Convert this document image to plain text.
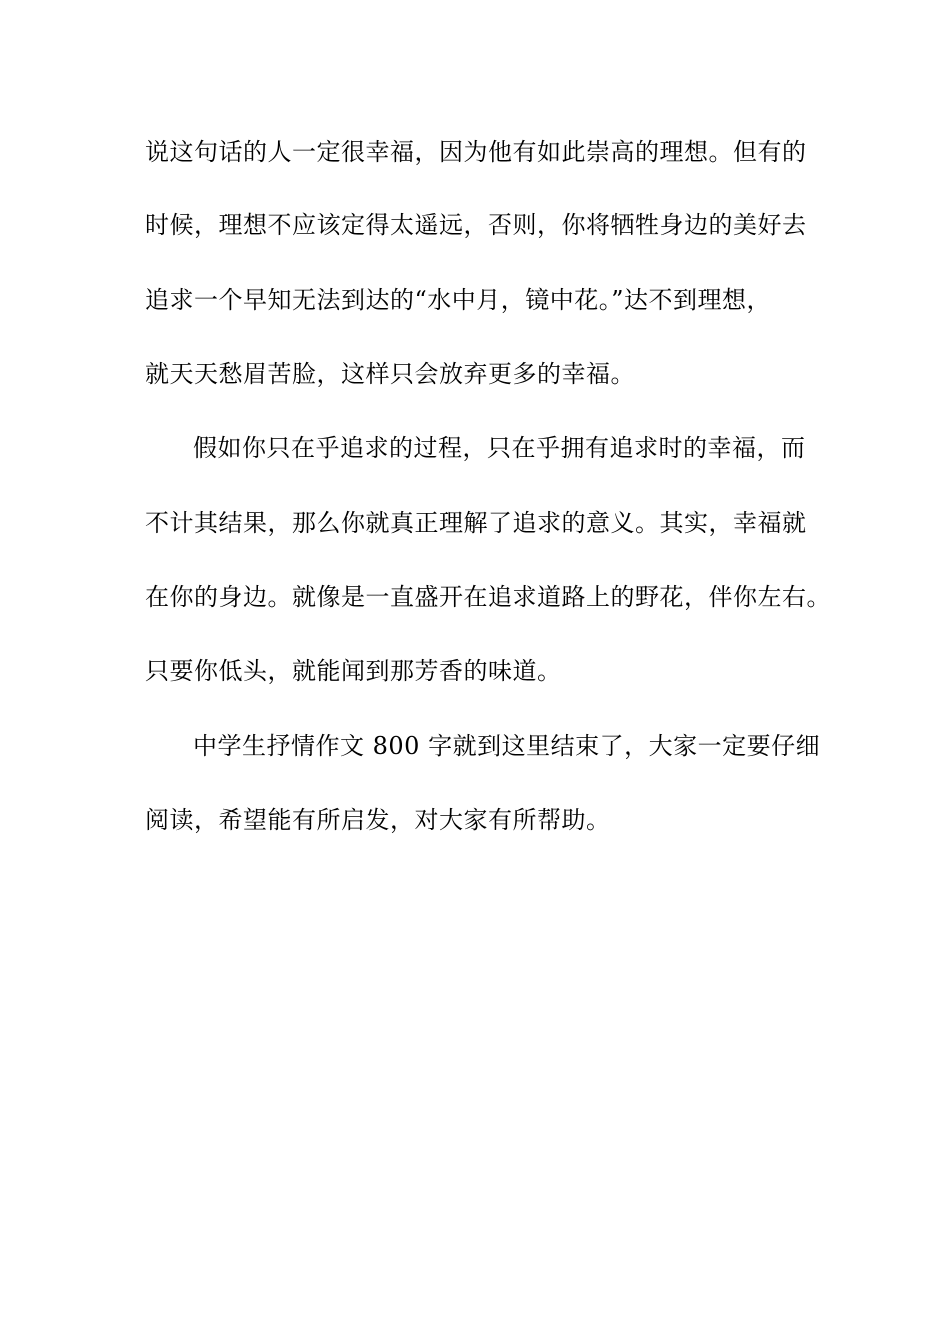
说这句话的人一定很幸福，因为他有如此崇高的理想。但有的
时候，理想不应该定得太遥远，否则，你将牺牲身边的美好去
追求一个早知无法到达的“水中月，镜中花。”达不到理想，
就天天愁眉苦脸，这样只会放弃更多的幸福。
假如你只在乎追求的过程，只在乎拥有追求时的幸福，而
不计其结果，那么你就真正理解了追求的意义。其实，幸福就
在你的身边。就像是一直盛开在追求道路上的野花，伴你左右。
只要你低头，就能闻到那芳香的味道。
中学生抒情作文 800 字就到这里结束了，大家一定要仔细
阅读，希望能有所启发，对大家有所帮助。
